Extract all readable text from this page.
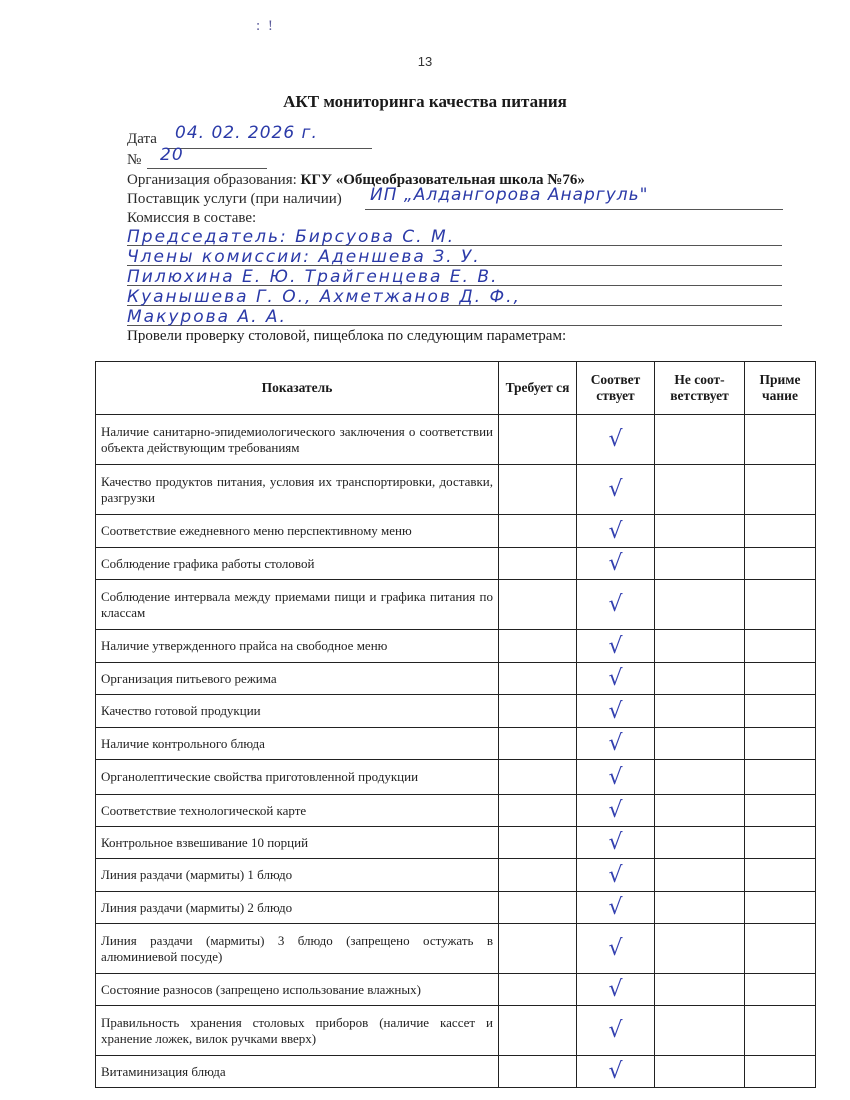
: !
13
АКТ мониторинга качества питания
Дата 04. 02. 2026 г.
№ 20
Организация образования: КГУ «Общеобразовательная школа №76»
Поставщик услуги (при наличии) ИП „Алдангорова Анаргуль"
Комиссия в составе:
Председатель: Бирсуова С. М.
Члены комиссии: Аденшева З. У.
Пилюхина Е. Ю. Трайгенцева Е. В.
Куанышева Г. О., Ахметжанов Д. Ф.,
Макурова А. А.
Провели проверку столовой, пищеблока по следующим параметрам:
Показатель	Требует ся	Соответ ствует	Не соот- ветствует	Приме чание
Наличие санитарно-эпидемиологического заключения о соответствии объекта действующим требованиям		√		
Качество продуктов питания, условия их транспортировки, доставки, разгрузки		√		
Соответствие ежедневного меню перспективному меню		√		
Соблюдение графика работы столовой		√		
Соблюдение интервала между приемами пищи и графика питания по классам		√		
Наличие утвержденного прайса на свободное меню		√		
Организация питьевого режима		√		
Качество готовой продукции		√		
Наличие контрольного блюда		√		
Органолептические свойства приготовленной продукции		√		
Соответствие технологической карте		√		
Контрольное взвешивание 10 порций		√		
Линия раздачи (мармиты) 1 блюдо		√		
Линия раздачи (мармиты) 2 блюдо		√		
Линия раздачи (мармиты) 3 блюдо (запрещено остужать в алюминиевой посуде)		√		
Состояние разносов (запрещено использование влажных)		√		
Правильность хранения столовых приборов (наличие кассет и хранение ложек, вилок ручками вверх)		√		
Витаминизация блюда		√		
